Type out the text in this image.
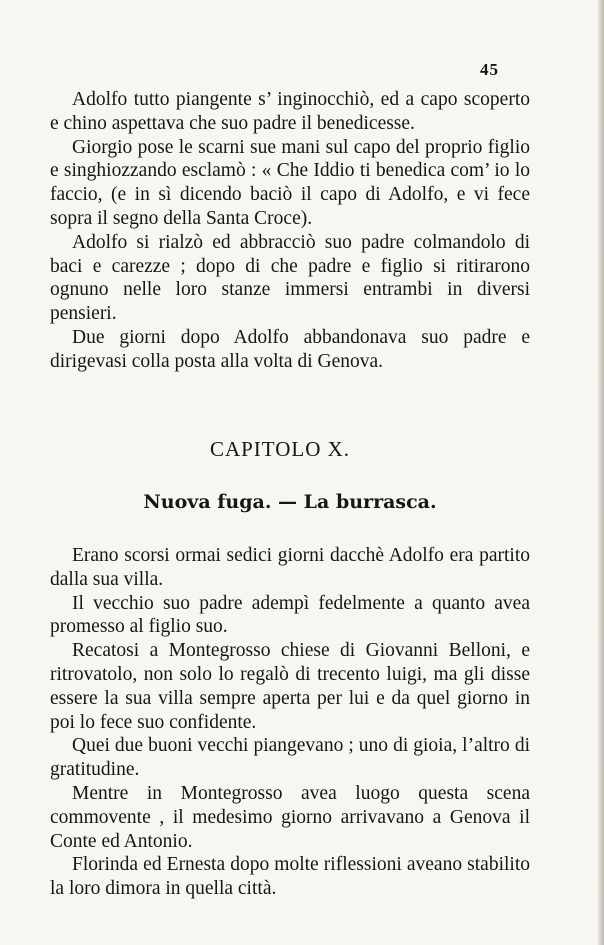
45

Adolfo tutto piangente s’ inginocchiò, ed a capo scoperto e chino aspettava che suo padre il benedicesse.

Giorgio pose le scarni sue mani sul capo del proprio figlio e singhiozzando esclamò : « Che Iddio ti benedica com’ io lo faccio, (e in sì dicendo baciò il capo di Adolfo, e vi fece sopra il segno della Santa Croce).

Adolfo si rialzò ed abbracciò suo padre colmandolo di baci e carezze ; dopo di che padre e figlio si ritirarono ognuno nelle loro stanze immersi entrambi in diversi pensieri.

Due giorni dopo Adolfo abbandonava suo padre e dirigevasi colla posta alla volta di Genova.

CAPITOLO X.
Nuova fuga. — La burrasca.

Erano scorsi ormai sedici giorni dacchè Adolfo era partito dalla sua villa.

Il vecchio suo padre adempì fedelmente a quanto avea promesso al figlio suo.

Recatosi a Montegrosso chiese di Giovanni Belloni, e ritrovatolo, non solo lo regalò di trecento luigi, ma gli disse essere la sua villa sempre aperta per lui e da quel giorno in poi lo fece suo confidente.

Quei due buoni vecchi piangevano ; uno di gioia, l’altro di gratitudine.

Mentre in Montegrosso avea luogo questa scena commovente , il medesimo giorno arrivavano a Genova il Conte ed Antonio.

Florinda ed Ernesta dopo molte riflessioni aveano stabilito la loro dimora in quella città.
